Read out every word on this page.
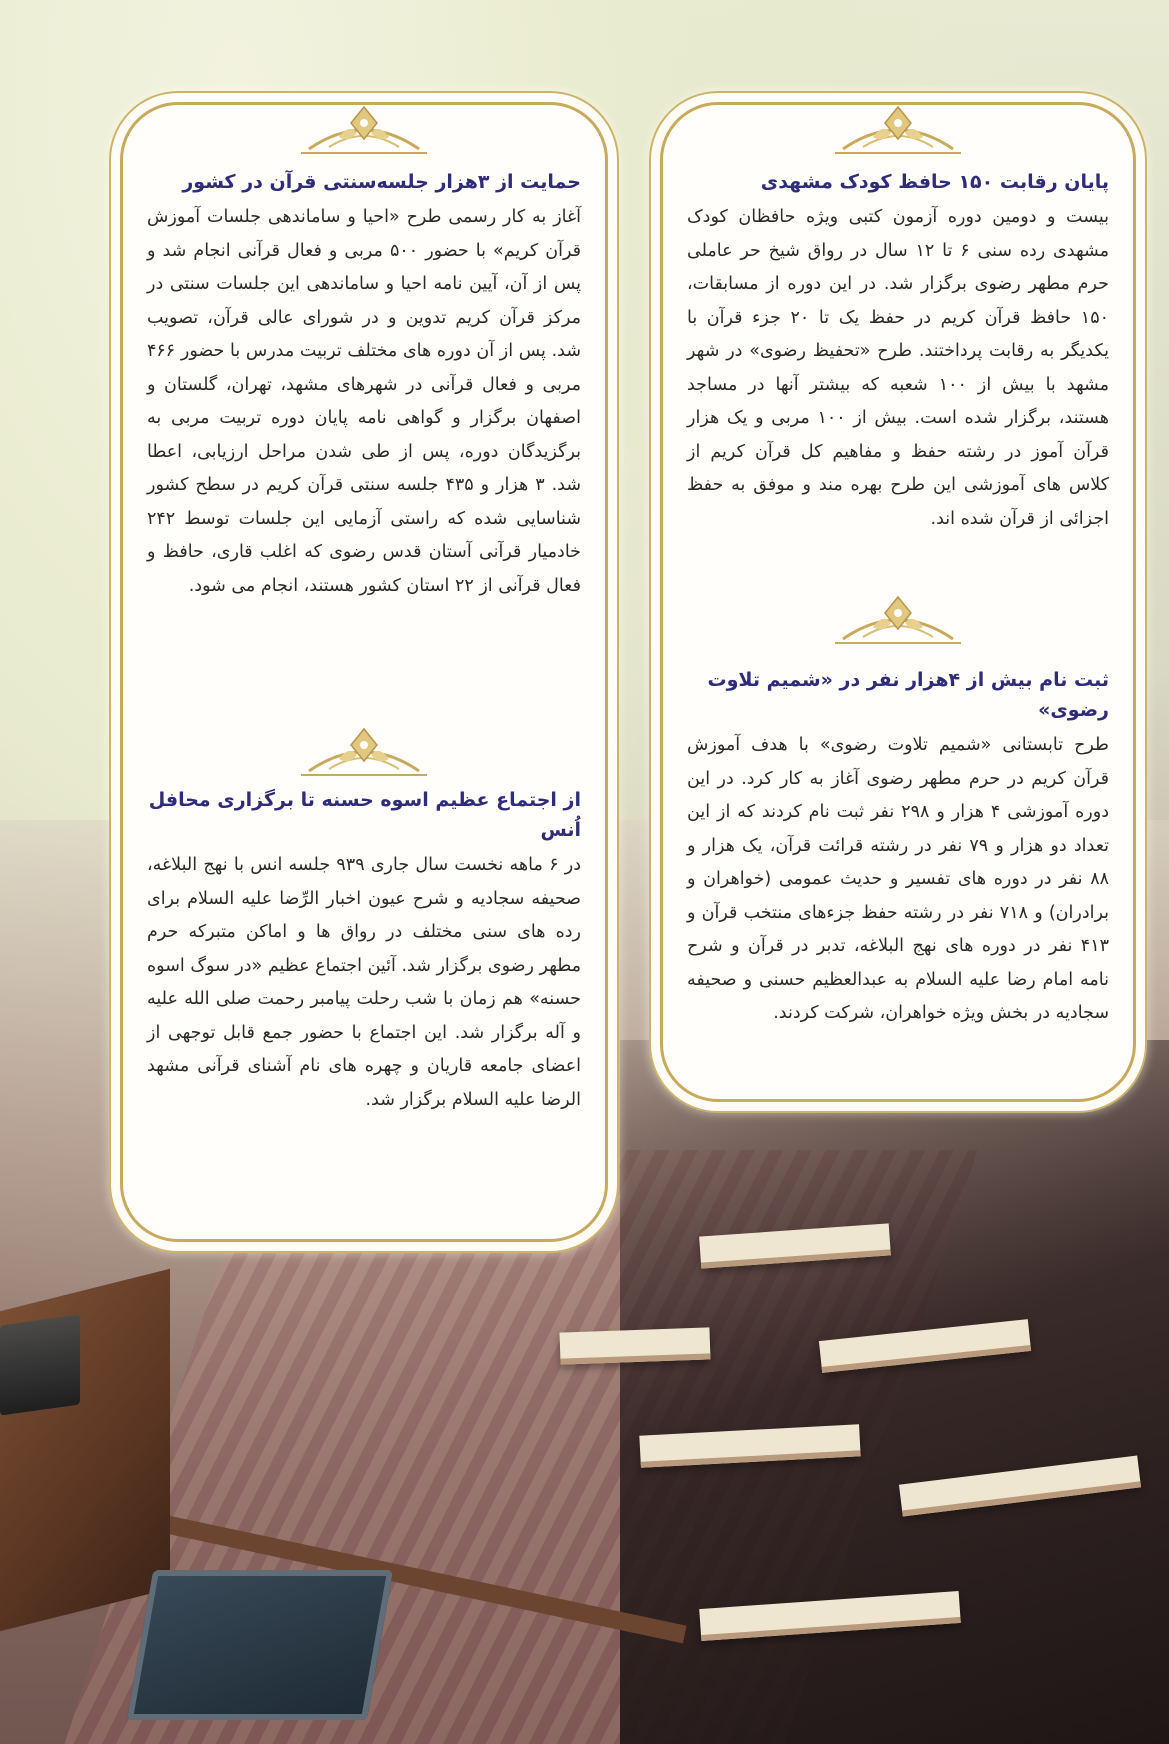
حمایت از ۳هزار جلسه‌سنتی قرآن در کشور

آغاز به کار رسمی طرح «احیا و ساماندهی جلسات آموزش قرآن کریم» با حضور ۵۰۰ مربی و فعال قرآنی انجام شد و پس از آن، آیین نامه احیا و ساماندهی این جلسات سنتی در مرکز قرآن کریم تدوین و در شورای عالی قرآن، تصویب شد. پس از آن دوره های مختلف تربیت مدرس با حضور ۴۶۶ مربی و فعال قرآنی در شهرهای مشهد، تهران، گلستان و اصفهان برگزار و گواهی نامه پایان دوره تربیت مربی به برگزیدگان دوره، پس از طی شدن مراحل ارزیابی، اعطا شد. ۳ هزار و ۴۳۵ جلسه سنتی قرآن کریم در سطح کشور شناسایی شده که راستی آزمایی این جلسات توسط ۲۴۲ خادمیار قرآنی آستان قدس رضوی که اغلب قاری، حافظ و فعال قرآنی از ۲۲ استان کشور هستند، انجام می شود.

از اجتماع عظیم اسوه حسنه تا برگزاری محافل اُنس

در ۶ ماهه نخست سال جاری ۹۳۹ جلسه انس با نهج البلاغه، صحیفه سجادیه و شرح عیون اخبار الرِّضا علیه السلام برای رده های سنی مختلف در رواق ها و اماکن متبرکه حرم مطهر رضوی برگزار شد. آئین اجتماع عظیم «در سوگ اسوه حسنه» هم زمان با شب رحلت پیامبر رحمت صلی الله علیه و آله برگزار شد. این اجتماع با حضور جمع قابل توجهی از اعضای جامعه قاریان و چهره های نام آشنای قرآنی مشهد الرضا علیه السلام برگزار شد.

پایان رقابت ۱۵۰ حافظ کودک مشهدی

بیست و دومین دوره آزمون کتبی ویژه حافظان کودک مشهدی رده سنی ۶ تا ۱۲ سال در رواق شیخ حر عاملی حرم مطهر رضوی برگزار شد. در این دوره از مسابقات، ۱۵۰ حافظ قرآن کریم در حفظ یک تا ۲۰ جزء قرآن با یکدیگر به رقابت پرداختند. طرح «تحفیظ رضوی» در شهر مشهد با بیش از ۱۰۰ شعبه که بیشتر آنها در مساجد هستند، برگزار شده است. بیش از ۱۰۰ مربی و یک هزار قرآن آموز در رشته حفظ و مفاهیم کل قرآن کریم از کلاس های آموزشی این طرح بهره مند و موفق به حفظ اجزائی از قرآن شده اند.

ثبت نام بیش از ۴هزار نفر در «شمیم تلاوت رضوی»

طرح تابستانی «شمیم تلاوت رضوی» با هدف آموزش قرآن کریم در حرم مطهر رضوی آغاز به کار کرد. در این دوره آموزشی ۴ هزار و ۲۹۸ نفر ثبت نام کردند که از این تعداد دو هزار و ۷۹ نفر در رشته قرائت قرآن، یک هزار و ۸۸ نفر در دوره های تفسیر و حدیث عمومی (خواهران و برادران) و ۷۱۸ نفر در رشته حفظ جزءهای منتخب قرآن و ۴۱۳ نفر در دوره های نهج البلاغه، تدبر در قرآن و شرح نامه امام رضا علیه السلام به عبدالعظیم حسنی و صحیفه سجادیه در بخش ویژه خواهران، شرکت کردند.
